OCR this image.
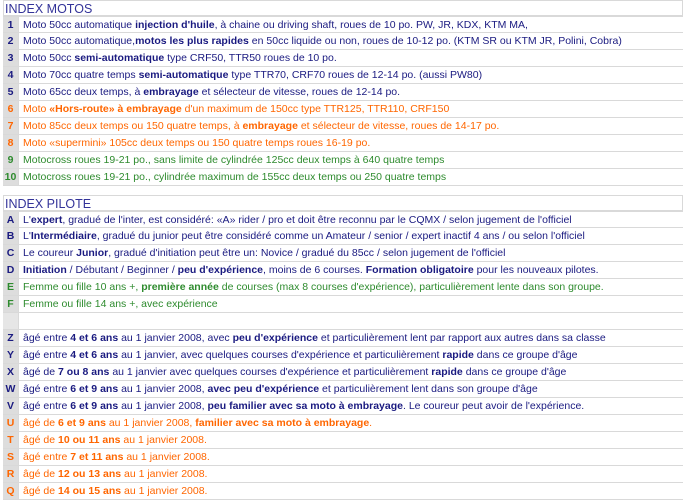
INDEX MOTOS
1 Moto 50cc automatique injection d'huile, à chaine ou driving shaft, roues de 10 po. PW, JR, KDX, KTM MA,
2 Moto 50cc automatique,motos les plus rapides en 50cc liquide ou non, roues de 10-12 po. (KTM SR ou KTM JR, Polini, Cobra)
3 Moto 50cc semi-automatique type CRF50, TTR50 roues de 10 po.
4 Moto 70cc quatre temps semi-automatique type TTR70, CRF70 roues de 12-14 po. (aussi PW80)
5 Moto 65cc deux temps, à embrayage et sélecteur de vitesse, roues de 12-14 po.
6 Moto «Hors-route» à embrayage d'un maximum de 150cc type TTR125, TTR110, CRF150
7 Moto 85cc deux temps ou 150 quatre temps, à embrayage et sélecteur de vitesse, roues de 14-17 po.
8 Moto «supermini» 105cc deux temps ou 150 quatre temps roues 16-19 po.
9 Motocross roues 19-21 po., sans limite de cylindrée 125cc deux temps à 640 quatre temps
10 Motocross roues 19-21 po., cylindrée maximum de 155cc deux temps ou 250 quatre temps
INDEX PILOTE
A L'expert, gradué de l'inter, est considéré: «A» rider / pro et doit être reconnu par le CQMX / selon jugement de l'officiel
B L'Intermédiaire, gradué du junior peut être considéré comme un Amateur / senior / expert inactif 4 ans / ou selon l'officiel
C Le coureur Junior, gradué d'initiation peut être un: Novice / gradué du 85cc / selon jugement de l'officiel
D Initiation / Débutant / Beginner / peu d'expérience, moins de 6 courses. Formation obligatoire pour les nouveaux pilotes.
E Femme ou fille 10 ans +, première année de courses (max 8 courses d'expérience), particulièrement lente dans son groupe.
F Femme ou fille 14 ans +, avec expérience
Z âgé entre 4 et 6 ans au 1 janvier 2008, avec peu d'expérience et particulièrement lent par rapport aux autres dans sa classe
Y âgé entre 4 et 6 ans au 1 janvier, avec quelques courses d'expérience et particulièrement rapide dans ce groupe d'âge
X âgé de 7 ou 8 ans au 1 janvier avec quelques courses d'expérience et particulièrement rapide dans ce groupe d'âge
W âgé entre 6 et 9 ans au 1 janvier 2008, avec peu d'expérience et particulièrement lent dans son groupe d'âge
V âgé entre 6 et 9 ans au 1 janvier 2008, peu familier avec sa moto à embrayage. Le coureur peut avoir de l'expérience.
U âgé de 6 et 9 ans au 1 janvier 2008, familier avec sa moto à embrayage.
T âgé de 10 ou 11 ans au 1 janvier 2008.
S âgé entre 7 et 11 ans au 1 janvier 2008.
R âgé de 12 ou 13 ans au 1 janvier 2008.
Q âgé de 14 ou 15 ans au 1 janvier 2008.
